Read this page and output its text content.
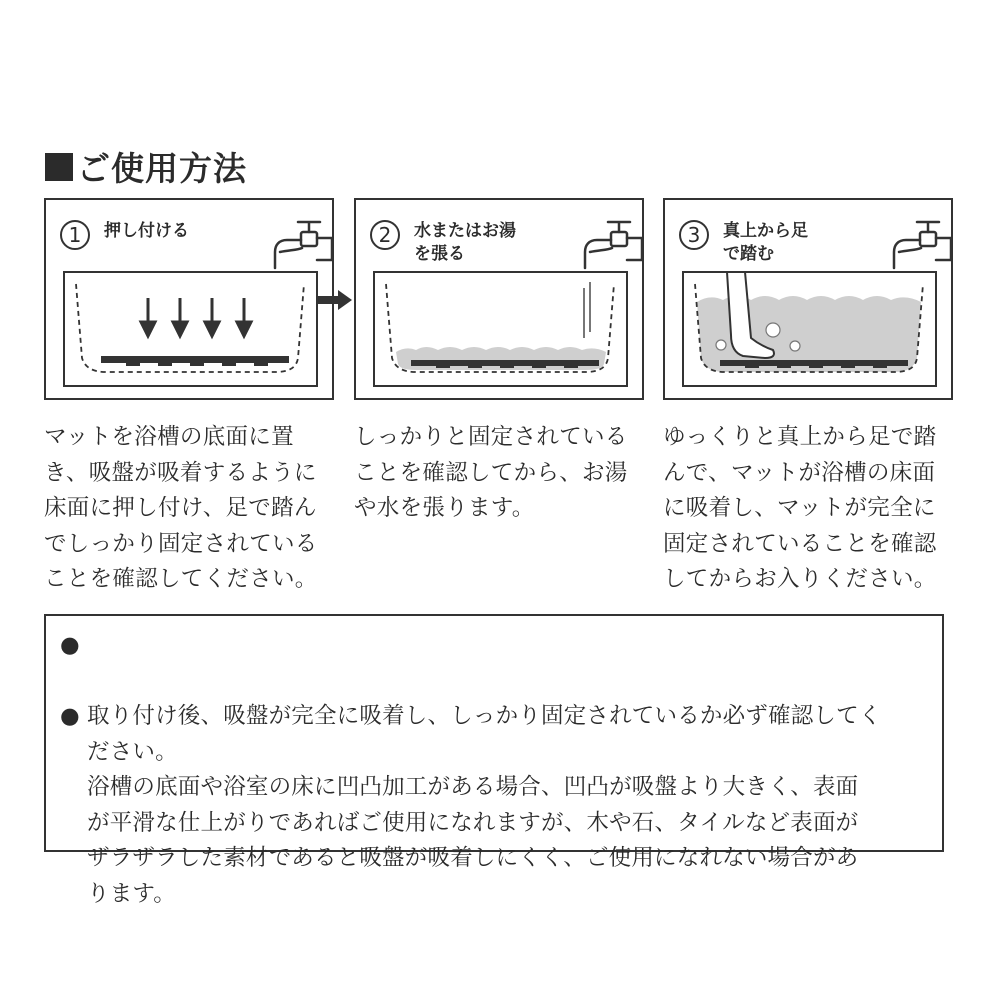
ご使用方法
1	押し付ける	2	水またはお湯
を張る
3	真上から足
で踏む
マットを浴槽の底面に置
き、吸盤が吸着するように
床面に押し付け、足で踏ん
でしっかり固定されている
ことを確認してください。
しっかりと固定されている
ことを確認してから、お湯
や水を張ります。
ゆっくりと真上から足で踏
んで、マットが浴槽の床面
に吸着し、マットが完全に
固定されていることを確認
してからお入りください。

●

取り付け後、吸盤が完全に吸着し、しっかり固定されているか必ず確認してく
ださい。

●

浴槽の底面や浴室の床に凹凸加工がある場合、凹凸が吸盤より大きく、表面
が平滑な仕上がりであればご使用になれますが、木や石、タイルなど表面が
ザラザラした素材であると吸盤が吸着しにくく、ご使用になれない場合があ
ります。
